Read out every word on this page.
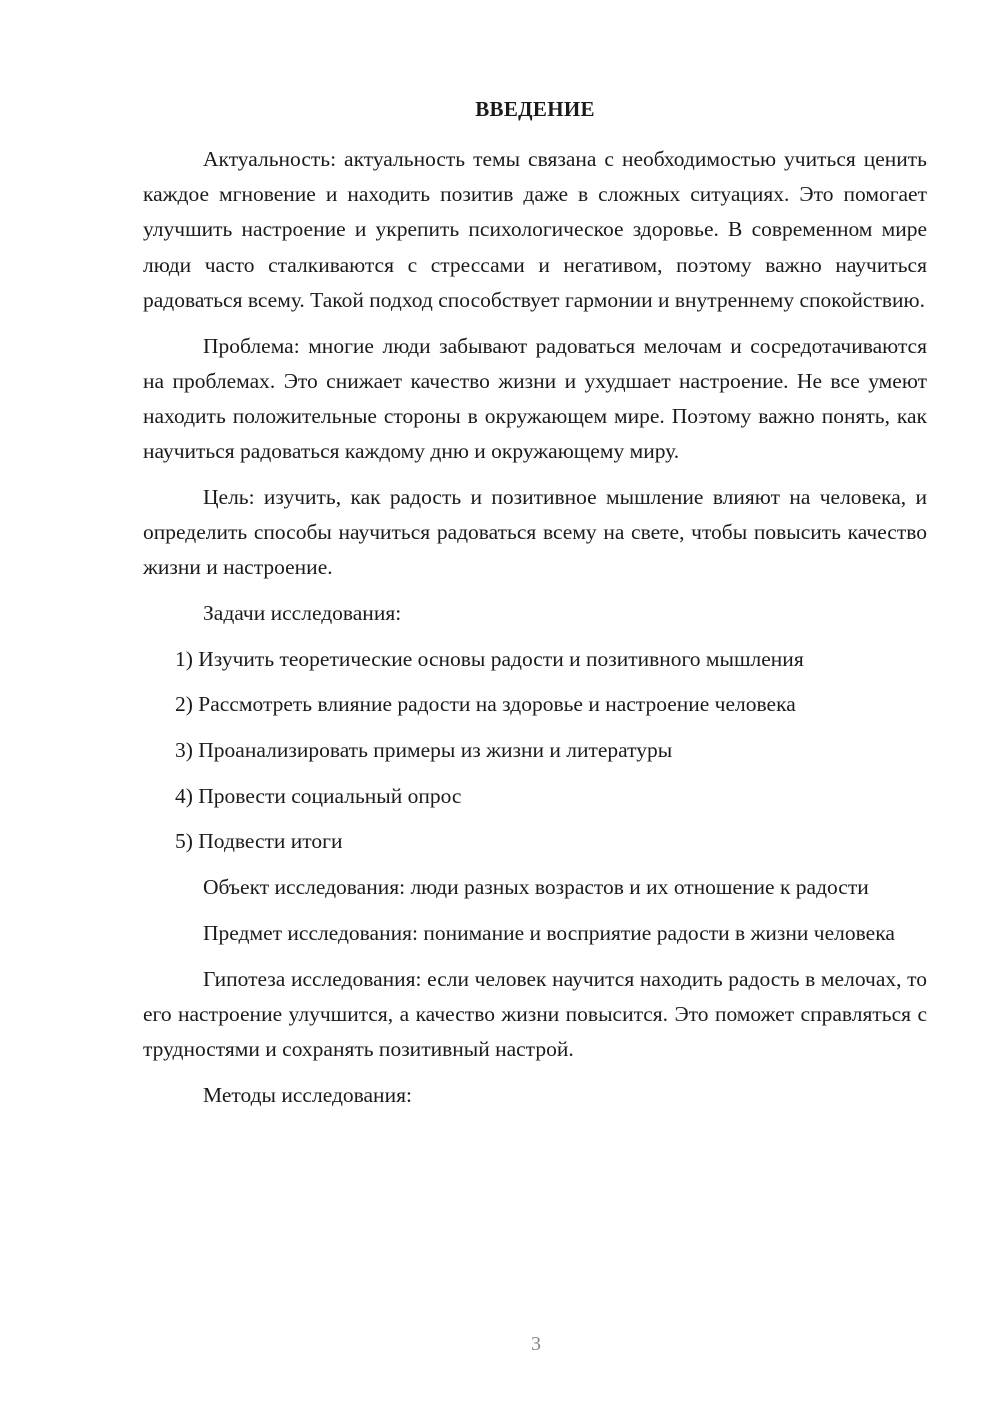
ВВЕДЕНИЕ

Актуальность: актуальность темы связана с необходимостью учиться ценить каждое мгновение и находить позитив даже в сложных ситуациях. Это помогает улучшить настроение и укрепить психологическое здоровье. В современном мире люди часто сталкиваются с стрессами и негативом, поэтому важно научиться радоваться всему. Такой подход способствует гармонии и внутреннему спокойствию.

Проблема: многие люди забывают радоваться мелочам и сосредотачиваются на проблемах. Это снижает качество жизни и ухудшает настроение. Не все умеют находить положительные стороны в окружающем мире. Поэтому важно понять, как научиться радоваться каждому дню и окружающему миру.

Цель: изучить, как радость и позитивное мышление влияют на человека, и определить способы научиться радоваться всему на свете, чтобы повысить качество жизни и настроение.

Задачи исследования:

1) Изучить теоретические основы радости и позитивного мышления

2) Рассмотреть влияние радости на здоровье и настроение человека

3) Проанализировать примеры из жизни и литературы

4) Провести социальный опрос

5) Подвести итоги

Объект исследования: люди разных возрастов и их отношение к радости

Предмет исследования: понимание и восприятие радости в жизни человека

Гипотеза исследования: если человек научится находить радость в мелочах, то его настроение улучшится, а качество жизни повысится. Это поможет справляться с трудностями и сохранять позитивный настрой.

Методы исследования:

3
